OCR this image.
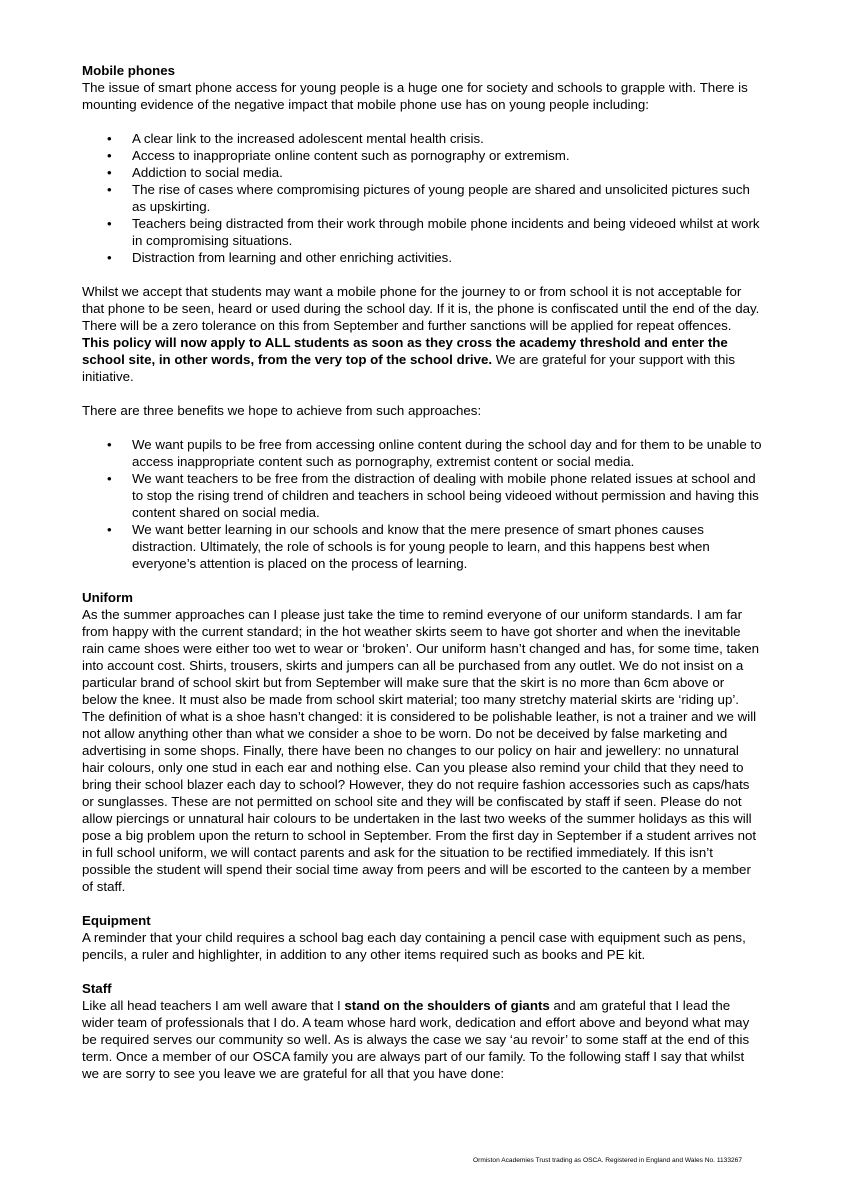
Mobile phones

The issue of smart phone access for young people is a huge one for society and schools to grapple with. There is mounting evidence of the negative impact that mobile phone use has on young people including:

• A clear link to the increased adolescent mental health crisis.
• Access to inappropriate online content such as pornography or extremism.
• Addiction to social media.
• The rise of cases where compromising pictures of young people are shared and unsolicited pictures such as upskirting.
• Teachers being distracted from their work through mobile phone incidents and being videoed whilst at work in compromising situations.
• Distraction from learning and other enriching activities.

Whilst we accept that students may want a mobile phone for the journey to or from school it is not acceptable for that phone to be seen, heard or used during the school day. If it is, the phone is confiscated until the end of the day. There will be a zero tolerance on this from September and further sanctions will be applied for repeat offences. This policy will now apply to ALL students as soon as they cross the academy threshold and enter the school site, in other words, from the very top of the school drive. We are grateful for your support with this initiative.

There are three benefits we hope to achieve from such approaches:

• We want pupils to be free from accessing online content during the school day and for them to be unable to access inappropriate content such as pornography, extremist content or social media.
• We want teachers to be free from the distraction of dealing with mobile phone related issues at school and to stop the rising trend of children and teachers in school being videoed without permission and having this content shared on social media.
• We want better learning in our schools and know that the mere presence of smart phones causes distraction. Ultimately, the role of schools is for young people to learn, and this happens best when everyone’s attention is placed on the process of learning.
Uniform

As the summer approaches can I please just take the time to remind everyone of our uniform standards. I am far from happy with the current standard; in the hot weather skirts seem to have got shorter and when the inevitable rain came shoes were either too wet to wear or ‘broken’. Our uniform hasn’t changed and has, for some time, taken into account cost. Shirts, trousers, skirts and jumpers can all be purchased from any outlet. We do not insist on a particular brand of school skirt but from September will make sure that the skirt is no more than 6cm above or below the knee. It must also be made from school skirt material; too many stretchy material skirts are ‘riding up’. The definition of what is a shoe hasn’t changed: it is considered to be polishable leather, is not a trainer and we will not allow anything other than what we consider a shoe to be worn. Do not be deceived by false marketing and advertising in some shops. Finally, there have been no changes to our policy on hair and jewellery: no unnatural hair colours, only one stud in each ear and nothing else. Can you please also remind your child that they need to bring their school blazer each day to school? However, they do not require fashion accessories such as caps/hats or sunglasses. These are not permitted on school site and they will be confiscated by staff if seen. Please do not allow piercings or unnatural hair colours to be undertaken in the last two weeks of the summer holidays as this will pose a big problem upon the return to school in September. From the first day in September if a student arrives not in full school uniform, we will contact parents and ask for the situation to be rectified immediately. If this isn’t possible the student will spend their social time away from peers and will be escorted to the canteen by a member of staff.

Equipment

A reminder that your child requires a school bag each day containing a pencil case with equipment such as pens, pencils, a ruler and highlighter, in addition to any other items required such as books and PE kit.

Staff

Like all head teachers I am well aware that I stand on the shoulders of giants and am grateful that I lead the wider team of professionals that I do. A team whose hard work, dedication and effort above and beyond what may be required serves our community so well. As is always the case we say ‘au revoir’ to some staff at the end of this term. Once a member of our OSCA family you are always part of our family. To the following staff I say that whilst we are sorry to see you leave we are grateful for all that you have done:

Ormiston Academies Trust trading as OSCA. Registered in England and Wales No. 1133267
